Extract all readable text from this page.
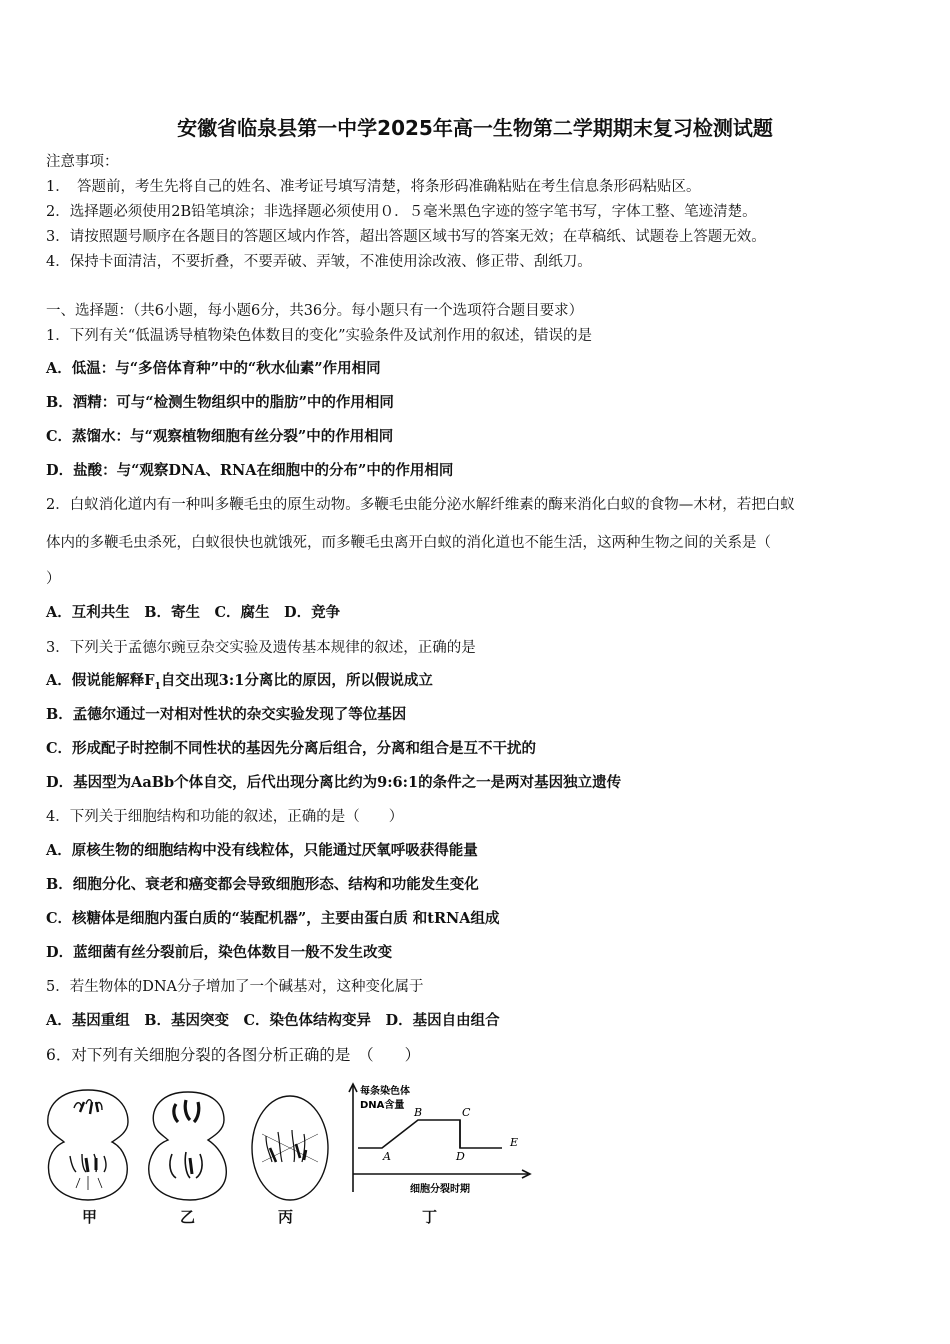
安徽省临泉县第一中学2025年高一生物第二学期期末复习检测试题
注意事项：
1．　答题前，考生先将自己的姓名、准考证号填写清楚，将条形码准确粘贴在考生信息条形码粘贴区。
2．选择题必须使用2B铅笔填涂；非选择题必须使用０．５毫米黑色字迹的签字笔书写，字体工整、笔迹清楚。
3．请按照题号顺序在各题目的答题区域内作答，超出答题区域书写的答案无效；在草稿纸、试题卷上答题无效。
4．保持卡面清洁，不要折叠，不要弄破、弄皱，不准使用涂改液、修正带、刮纸刀。
一、选择题：（共6小题，每小题6分，共36分。每小题只有一个选项符合题目要求）
1．下列有关“低温诱导植物染色体数目的变化”实验条件及试剂作用的叙述，错误的是
A．低温：与“多倍体育种”中的“秋水仙素”作用相同
B．酒精：可与“检测生物组织中的脂肪”中的作用相同
C．蒸馏水：与“观察植物细胞有丝分裂”中的作用相同
D．盐酸：与“观察DNA、RNA在细胞中的分布”中的作用相同
2．白蚁消化道内有一种叫多鞭毛虫的原生动物。多鞭毛虫能分泌水解纤维素的酶来消化白蚁的食物—木材，若把白蚁
体内的多鞭毛虫杀死，白蚁很快也就饿死，而多鞭毛虫离开白蚁的消化道也不能生活，这两种生物之间的关系是（
）
A．互利共生　B．寄生　C．腐生　D．竞争
3．下列关于孟德尔豌豆杂交实验及遗传基本规律的叙述，正确的是
A．假说能解释$F_1$自交出现3:1分离比的原因，所以假说成立
B．孟德尔通过一对相对性状的杂交实验发现了等位基因
C．形成配子时控制不同性状的基因先分离后组合，分离和组合是互不干扰的
D．基因型为AaBb个体自交，后代出现分离比约为9:6:1的条件之一是两对基因独立遗传
4．下列关于细胞结构和功能的叙述，正确的是（　　）
A．原核生物的细胞结构中没有线粒体，只能通过厌氧呼吸获得能量
B．细胞分化、衰老和癌变都会导致细胞形态、结构和功能发生变化
C．核糖体是细胞内蛋白质的“装配机器”，主要由蛋白质 和tRNA组成
D．蓝细菌有丝分裂前后，染色体数目一般不发生改变
5．若生物体的DNA分子增加了一个碱基对，这种变化属于
A．基因重组　B．基因突变　C．染色体结构变异　D．基因自由组合
6．对下列有关细胞分裂的各图分析正确的是　（　　）
每条染色体
DNA含量
细胞分裂时期
A
B	C
D
E
甲	乙	丙	丁
